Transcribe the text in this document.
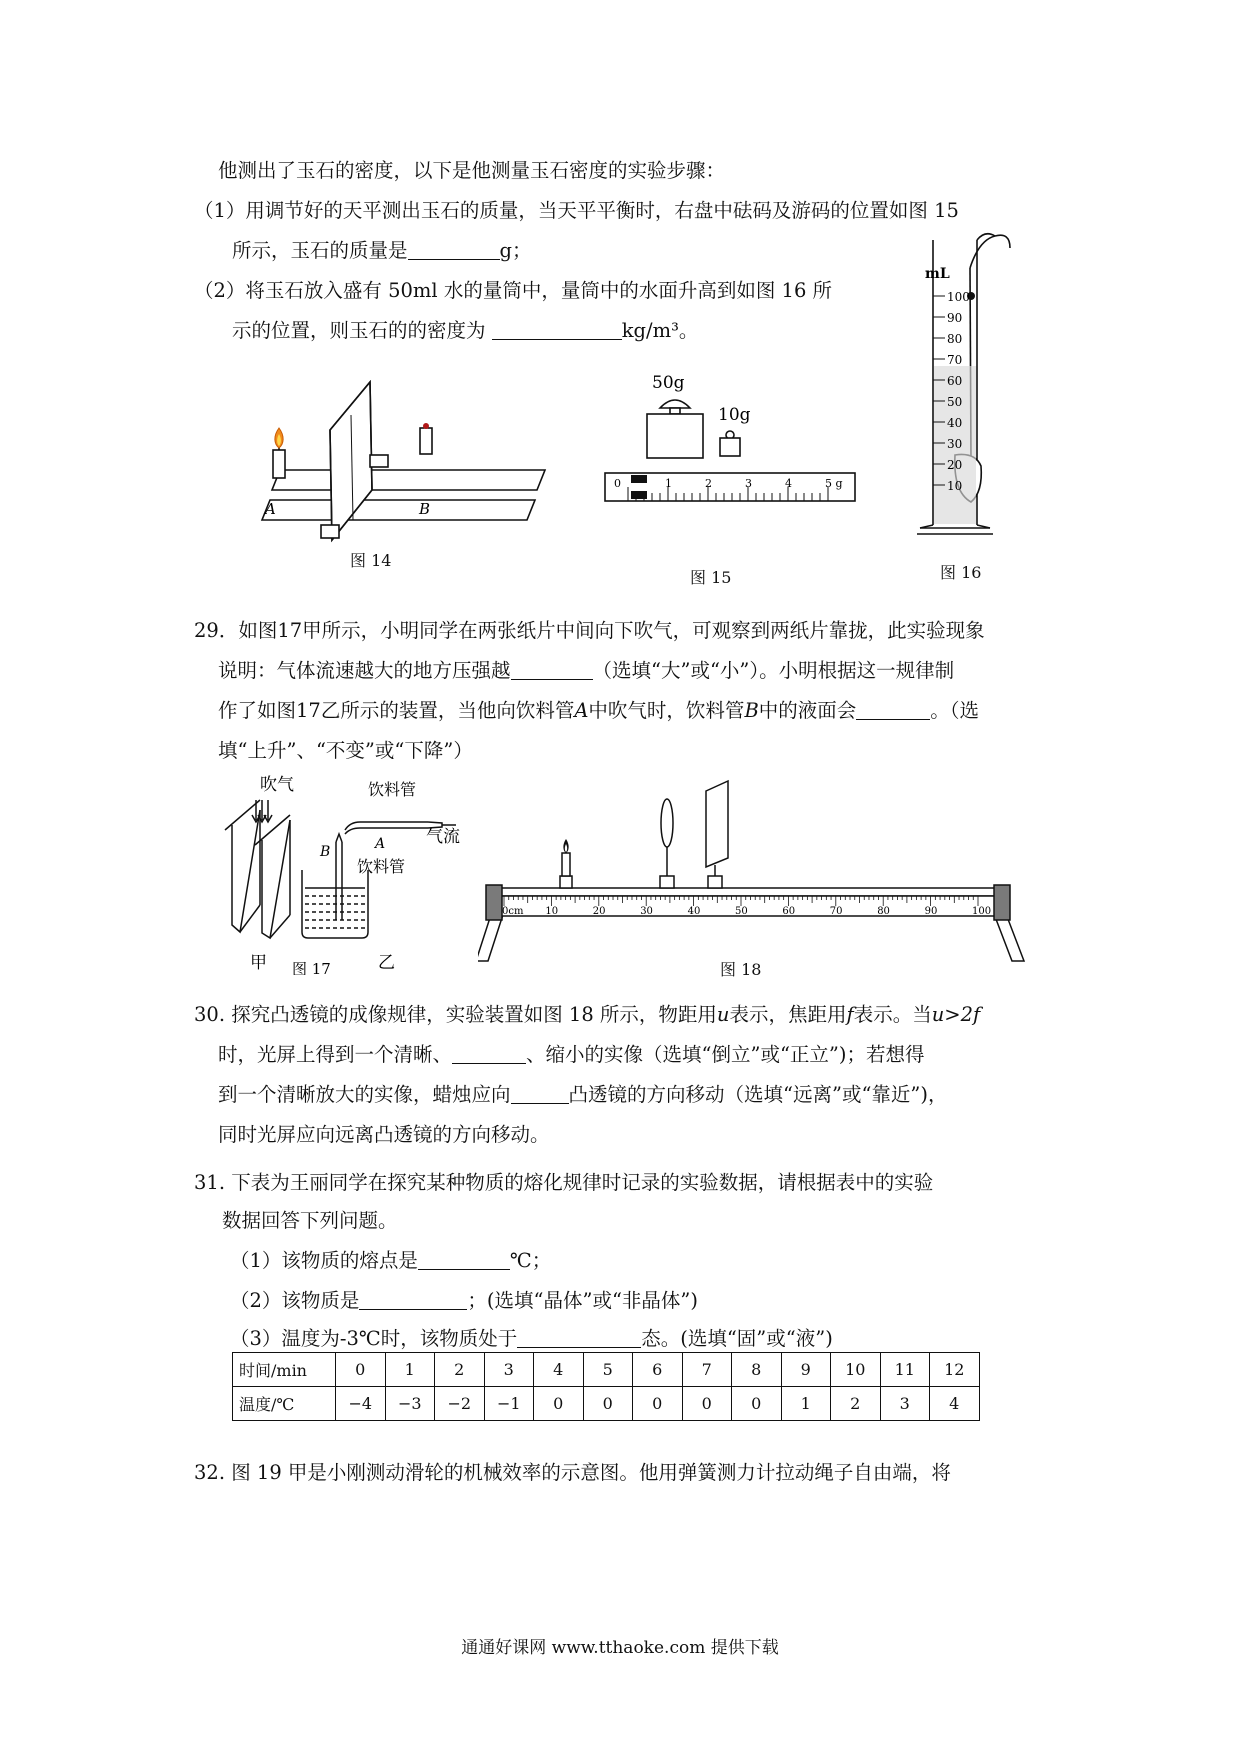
他测出了玉石的密度，以下是他测量玉石密度的实验步骤：
（1）用调节好的天平测出玉石的质量，当天平平衡时，右盘中砝码及游码的位置如图 15
所示，玉石的质量是	g；
（2）将玉石放入盛有 50ml 水的量筒中，量筒中的水面升高到如图 16 所
示的位置，则玉石的的密度为	kg/m³。
A	B
图 14
50g
10g
0	1	2	3	4	5 g
图 15
mL
100
90
80
70
60
50
40
30
20
10
图 16
29．如图17甲所示，小明同学在两张纸片中间向下吹气，可观察到两纸片靠拢，此实验现象
说明：气体流速越大的地方压强越	（选填“大”或“小”）。小明根据这一规律制
作了如图17乙所示的装置，当他向饮料管A中吹气时，饮料管B中的液面会	。（选
填“上升”、“不变”或“下降”）
吹气	饮料管
A 气流
B
饮料管
甲 图 17	乙
0cm 10	20	30	40	50	60	70	80	90	100
图 18
30. 探究凸透镜的成像规律，实验装置如图 18 所示，物距用u表示，焦距用f表示。当u>2f
时，光屏上得到一个清晰、	、缩小的实像（选填“倒立”或“正立”)；若想得
到一个清晰放大的实像，蜡烛应向	凸透镜的方向移动（选填“远离”或“靠近”)，
同时光屏应向远离凸透镜的方向移动。
31. 下表为王丽同学在探究某种物质的熔化规律时记录的实验数据，请根据表中的实验
数据回答下列问题。
（1）该物质的熔点是	℃；
（2）该物质是	；(选填“晶体”或“非晶体”)
（3）温度为-3℃时，该物质处于	态。(选填“固”或“液”)
时间/min	0	1	2	3	4	5	6	7	8	9	10	11	12
温度/℃	−4	−3	−2	−1	0	0	0	0	0	1	2	3	4
32. 图 19 甲是小刚测动滑轮的机械效率的示意图。他用弹簧测力计拉动绳子自由端，将
通通好课网 www.tthaoke.com 提供下载
